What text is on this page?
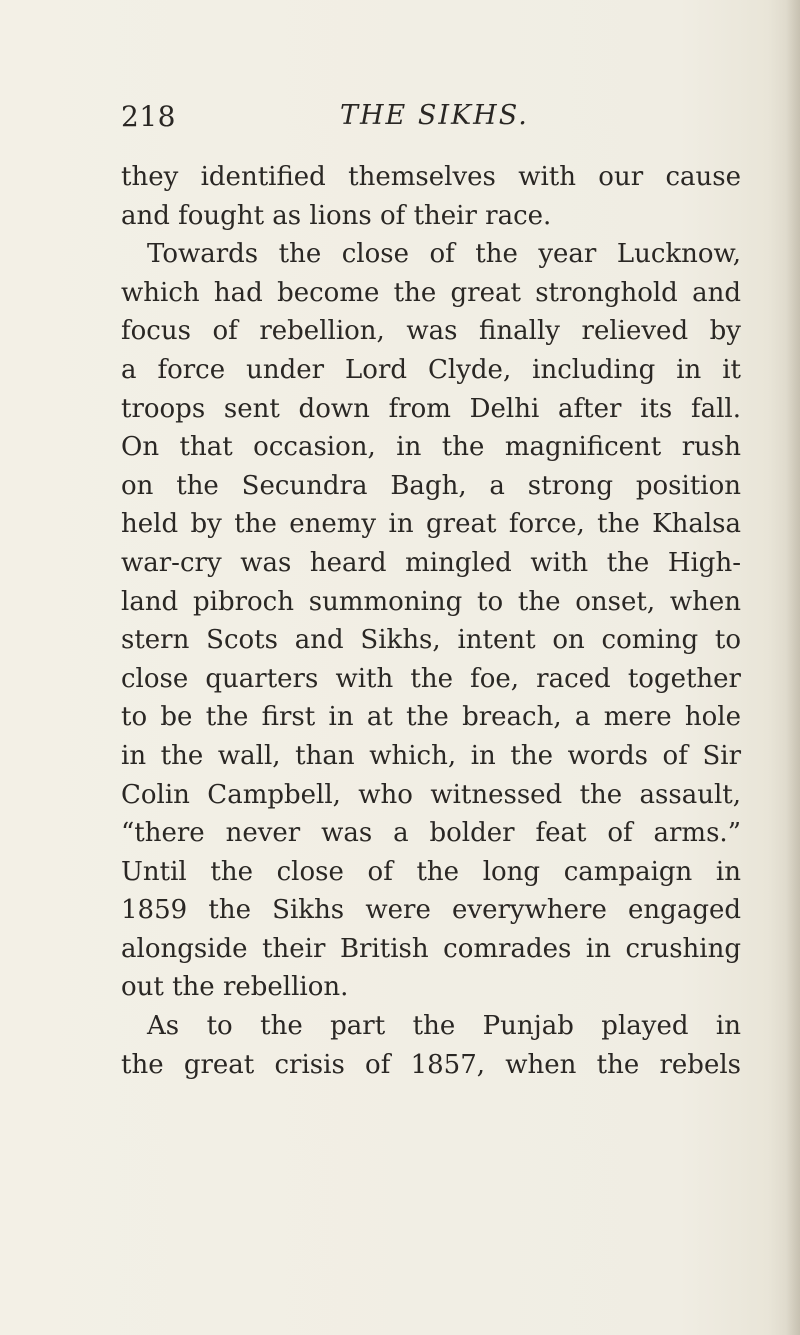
218	THE SIKHS.
they identified themselves with our cause
and fought as lions of their race.
Towards the close of the year Lucknow,
which had become the great stronghold and
focus of rebellion, was finally relieved by
a force under Lord Clyde, including in it
troops sent down from Delhi after its fall.
On that occasion, in the magnificent rush
on the Secundra Bagh, a strong position
held by the enemy in great force, the Khalsa
war-cry was heard mingled with the High-
land pibroch summoning to the onset, when
stern Scots and Sikhs, intent on coming to
close quarters with the foe, raced together
to be the first in at the breach, a mere hole
in the wall, than which, in the words of Sir
Colin Campbell, who witnessed the assault,
“there never was a bolder feat of arms.”
Until the close of the long campaign in
1859 the Sikhs were everywhere engaged
alongside their British comrades in crushing
out the rebellion.
As to the part the Punjab played in
the great crisis of 1857, when the rebels
